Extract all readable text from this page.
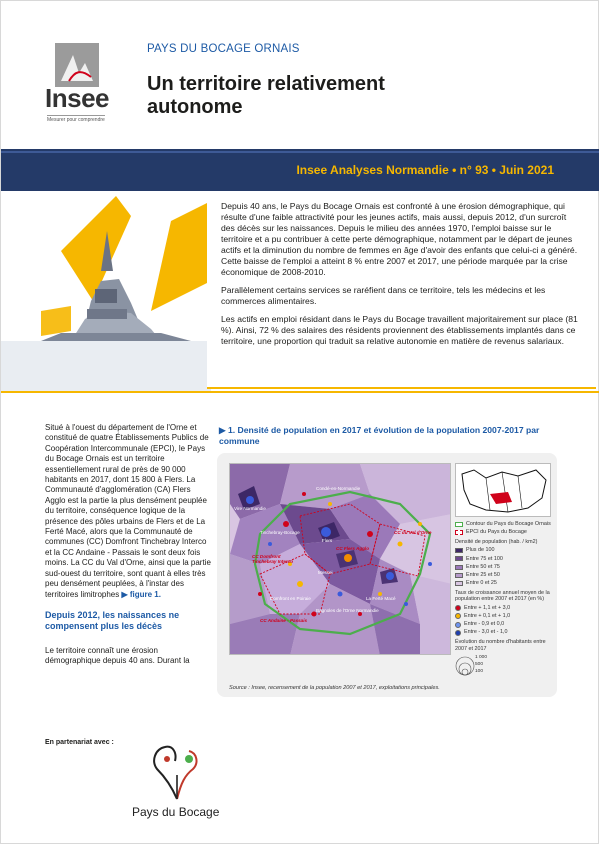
Insee
Mesurer pour comprendre
PAYS DU BOCAGE ORNAIS
Un territoire relativement autonome
Insee Analyses Normandie • n° 93 • Juin 2021

Depuis 40 ans, le Pays du Bocage Ornais est confronté à une érosion démographique, qui résulte d'une faible attractivité pour les jeunes actifs, mais aussi, depuis 2012, d'un surcroît des décès sur les naissances. Depuis le milieu des années 1970, l'emploi baisse sur le territoire et a pu contribuer à cette perte démographique, notamment par le départ de jeunes actifs et la diminution du nombre de femmes en âge d'avoir des enfants que celui-ci a généré. Cette baisse de l'emploi a atteint 8 % entre 2007 et 2017, une période marquée par la crise économique de 2008-2010.

Parallèlement certains services se raréfient dans ce territoire, tels les médecins et les commerces alimentaires.

Les actifs en emploi résidant dans le Pays du Bocage travaillent majoritairement sur place (81 %). Ainsi, 72 % des salaires des résidents proviennent des établissements implantés dans ce territoire, une proportion qui traduit sa relative autonomie en matière de revenus salariaux.

Situé à l'ouest du département de l'Orne et constitué de quatre Établissements Publics de Coopération Intercommunale (EPCI), le Pays du Bocage Ornais est un territoire essentiellement rural de près de 90 000 habitants en 2017, dont 15 800 à Flers. La Communauté d'agglomération (CA) Flers Agglo est la partie la plus densément peuplée du territoire, conséquence logique de la présence des pôles urbains de Flers et de La Ferté Macé, alors que la Communauté de communes (CC) Domfront Tinchebray Interco et la CC Andaine - Passais le sont deux fois moins. La CC du Val d'Orne, ainsi que la partie sud-ouest du territoire, sont quant à elles très peu densément peuplées, à l'instar des territoires limitrophes ▶ figure 1.

Depuis 2012, les naissances ne compensent plus les décès

Le territoire connaît une érosion démographique depuis 40 ans. Durant la

▶ 1. Densité de population en 2017 et évolution de la population 2007-2017 par commune
Condé-en-Normandie
Vire Normandie
Tinchebray-Bocage
Flers
CC Flers Agglo
CC du Val d'Orne
CC Domfront Tinchebray Interco
Messei
Domfront en Poiraie	La Ferté Macé
CC Andaine - Passais
Bagnoles de l'Orne Normandie
Contour du Pays du Bocage Ornais
EPCI du Pays du Bocage
Densité de population (hab. / km2)
Plus de 100
Entre 75 et 100
Entre 50 et 75
Entre 25 et 50
Entre 0 et 25
Taux de croissance annuel moyen de la population entre 2007 et 2017 (en %)
Entre + 1,1 et + 3,0
Entre + 0,1 et + 1,0
Entre - 0,9 et 0,0
Entre - 3,0 et - 1,0
Évolution du nombre d'habitants entre 2007 et 2017
1 000
500
100
Source : Insee, recensement de la population 2007 et 2017, exploitations principales.
En partenariat avec :
Pays du Bocage
